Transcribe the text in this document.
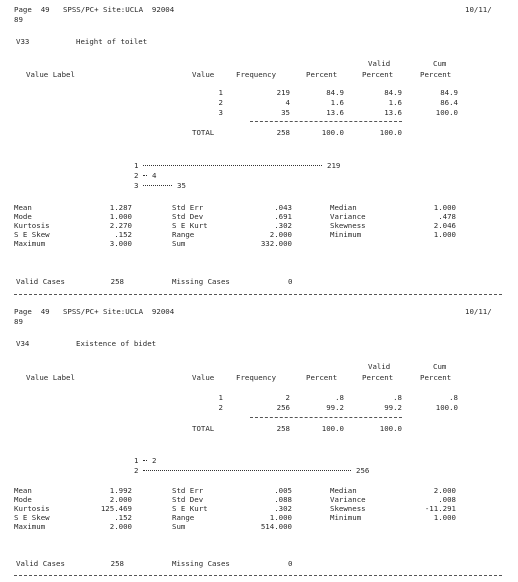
Page  49   SPSS/PC+ Site:UCLA  92004	10/11/
89
V33	Height of toilet
Valid	Cum
Value Label	Value	Frequency	Percent	Percent	Percent
1	219	84.9	84.9	84.9
2	4	1.6	1.6	86.4
3	35	13.6	13.6	100.0
TOTAL	258	100.0	100.0
1	219
2 4
3	35
Mean	1.287	Std Err	.043	Median	1.000
Mode	1.000	Std Dev	.691	Variance	.478
Kurtosis	2.270	S E Kurt	.302	Skewness	2.046
S E Skew	.152	Range	2.000	Minimum	1.000
Maximum	3.000	Sum	332.000
Valid Cases	258	Missing Cases	0
Page  49   SPSS/PC+ Site:UCLA  92004	10/11/
89
V34	Existence of bidet
Valid	Cum
Value Label	Value	Frequency	Percent	Percent	Percent
1	2	.8	.8	.8
2	256	99.2	99.2	100.0
TOTAL	258	100.0	100.0
1 2
2	256
Mean	1.992	Std Err	.005	Median	2.000
Mode	2.000	Std Dev	.088	Variance	.008
Kurtosis	125.469	S E Kurt	.302	Skewness	-11.291
S E Skew	.152	Range	1.000	Minimum	1.000
Maximum	2.000	Sum	514.000
Valid Cases	258	Missing Cases	0
